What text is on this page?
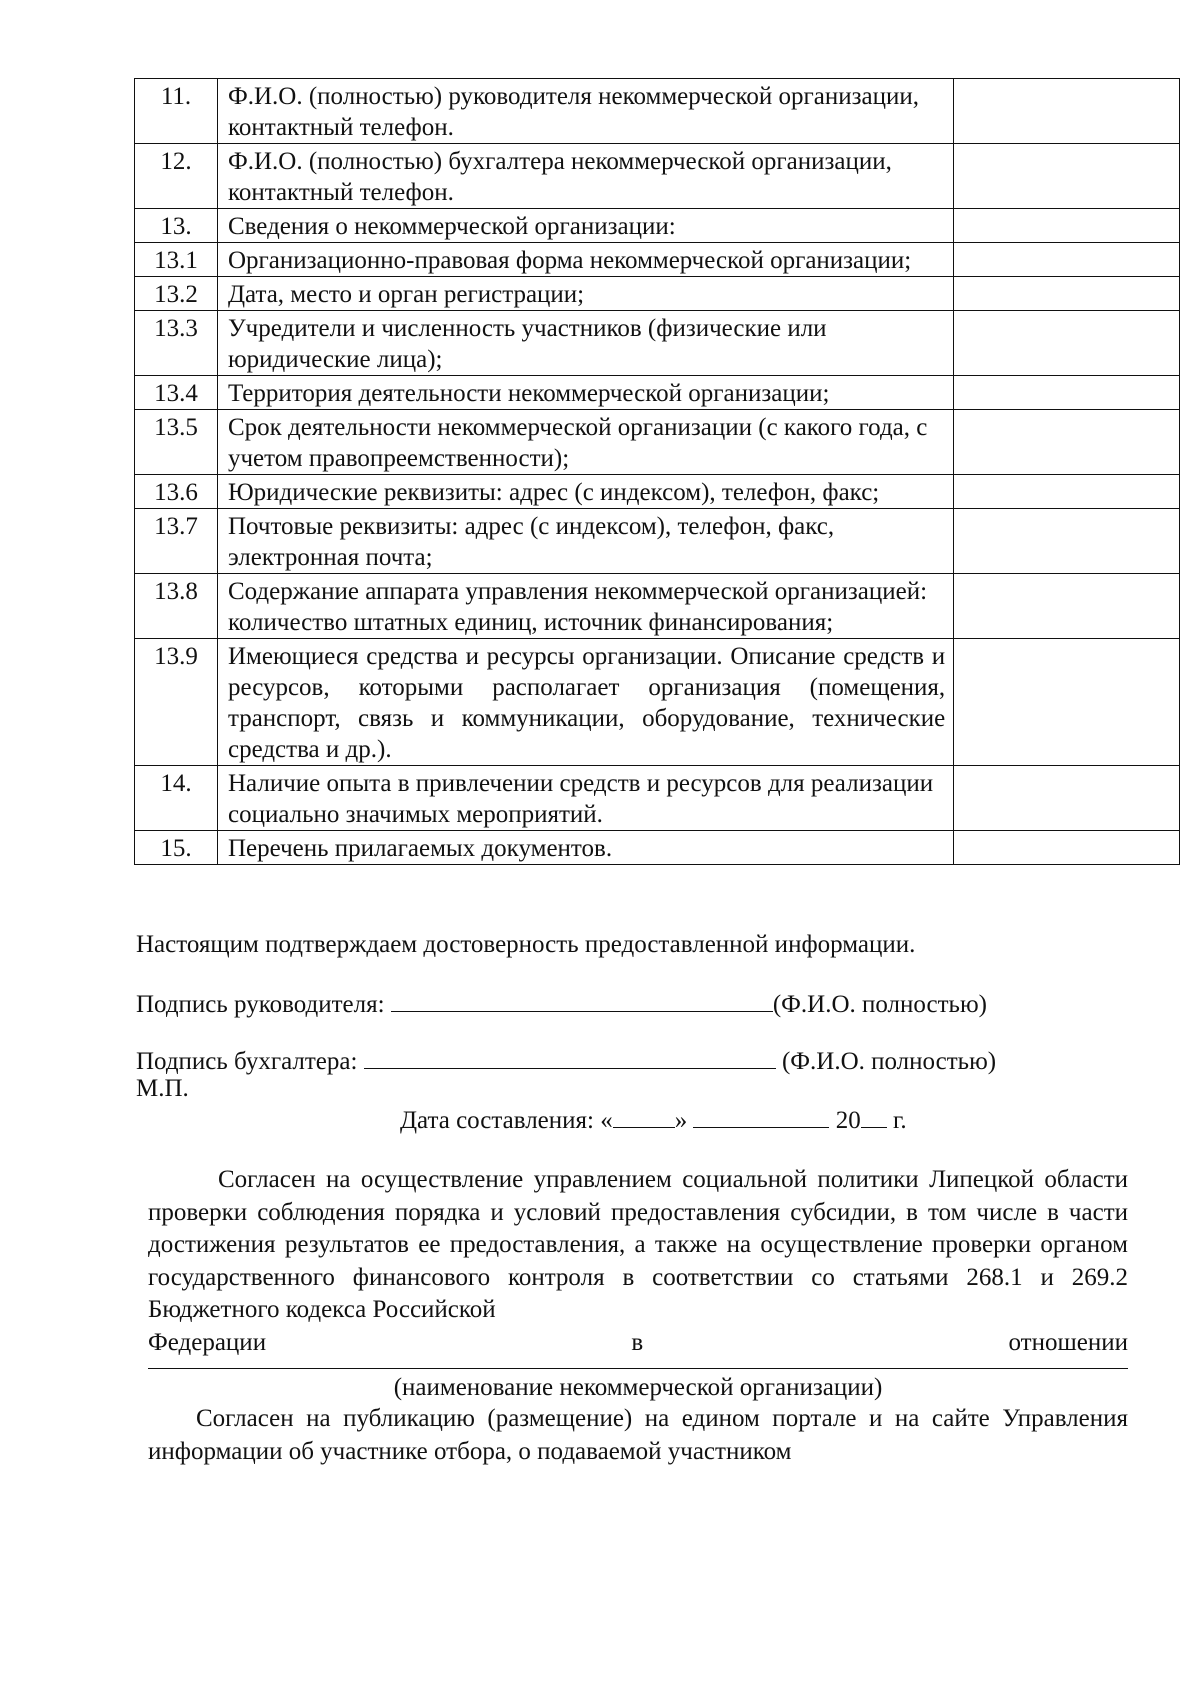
11.	Ф.И.О. (полностью) руководителя некоммерческой организации, контактный телефон.	
12.	Ф.И.О. (полностью) бухгалтера некоммерческой организации, контактный телефон.	
13.	Сведения о некоммерческой организации:	
13.1	Организационно-правовая форма некоммерческой организации;	
13.2	Дата, место и орган регистрации;	
13.3	Учредители и численность участников (физические или юридические лица);	
13.4	Территория деятельности некоммерческой организации;	
13.5	Срок деятельности некоммерческой организации (с какого года, с учетом правопреемственности);	
13.6	Юридические реквизиты: адрес (с индексом), телефон, факс;	
13.7	Почтовые реквизиты: адрес (с индексом), телефон, факс, электронная почта;	
13.8	Содержание аппарата управления некоммерческой организацией: количество штатных единиц, источник финансирования;	
13.9	Имеющиеся средства и ресурсы организации. Описание средств и ресурсов, которыми располагает организация (помещения, транспорт, связь и коммуникации, оборудование, технические средства и др.).	
14.	Наличие опыта в привлечении средств и ресурсов для реализации социально значимых мероприятий.	
15.	Перечень прилагаемых документов.	
Настоящим подтверждаем достоверность предоставленной информации.
Подпись руководителя:	(Ф.И.О. полностью)
Подпись бухгалтера:	(Ф.И.О. полностью)
М.П.
Дата составления: « »	20 г.
Согласен на осуществление управлением социальной политики Липецкой области проверки соблюдения порядка и условий предоставления субсидии, в том числе в части достижения результатов ее предоставления, а также на осуществление проверки органом государственного финансового контроля в соответствии со статьями 268.1 и 269.2 Бюджетного кодекса Российской
Федерации	в	отношении
(наименование некоммерческой организации)
Согласен на публикацию (размещение) на едином портале и на сайте Управления информации об участнике отбора, о подаваемой участником
